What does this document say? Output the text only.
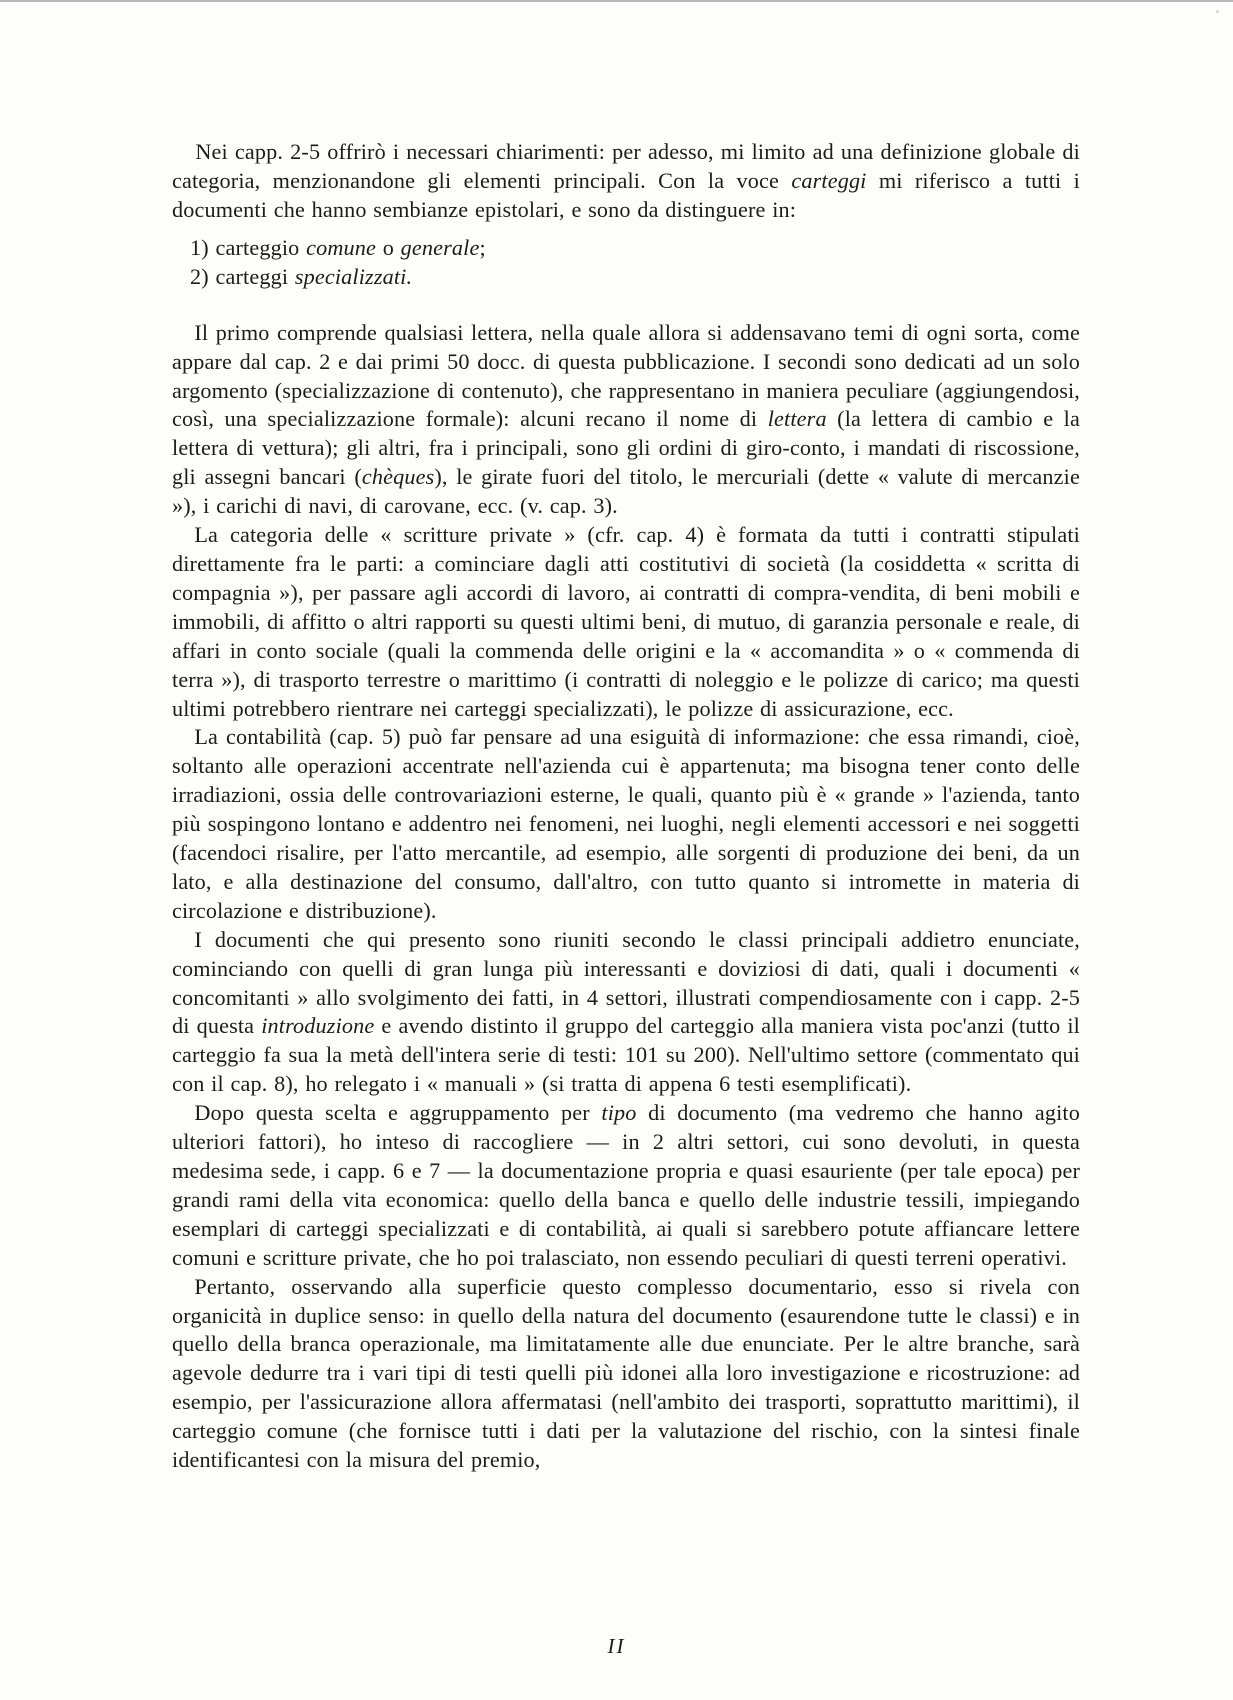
 Nei capp. 2-5 offrirò i necessari chiarimenti: per adesso, mi limito ad una definizione globale di categoria, menzionandone gli elementi principali. Con la voce carteggi mi riferisco a tutti i documenti che hanno sembianze epistolari, e sono da distinguere in:

1) carteggio comune o generale;
2) carteggi specializzati.

 Il primo comprende qualsiasi lettera, nella quale allora si addensavano temi di ogni sorta, come appare dal cap. 2 e dai primi 50 docc. di questa pubblicazione. I secondi sono dedicati ad un solo argomento (specializzazione di contenuto), che rappresentano in maniera peculiare (aggiungendosi, così, una specializzazione formale): alcuni recano il nome di lettera (la lettera di cambio e la lettera di vettura); gli altri, fra i principali, sono gli ordini di giro-conto, i mandati di riscossione, gli assegni bancari (chèques), le girate fuori del titolo, le mercuriali (dette « valute di mercanzie »), i carichi di navi, di carovane, ecc. (v. cap. 3).

 La categoria delle « scritture private » (cfr. cap. 4) è formata da tutti i contratti stipulati direttamente fra le parti: a cominciare dagli atti costitutivi di società (la cosiddetta « scritta di compagnia »), per passare agli accordi di lavoro, ai contratti di compra-vendita, di beni mobili e immobili, di affitto o altri rapporti su questi ultimi beni, di mutuo, di garanzia personale e reale, di affari in conto sociale (quali la commenda delle origini e la « accomandita » o « commenda di terra »), di trasporto terrestre o marittimo (i contratti di noleggio e le polizze di carico; ma questi ultimi potrebbero rientrare nei carteggi specializzati), le polizze di assicurazione, ecc.

 La contabilità (cap. 5) può far pensare ad una esiguità di informazione: che essa rimandi, cioè, soltanto alle operazioni accentrate nell'azienda cui è appartenuta; ma bisogna tener conto delle irradiazioni, ossia delle controvariazioni esterne, le quali, quanto più è « grande » l'azienda, tanto più sospingono lontano e addentro nei fenomeni, nei luoghi, negli elementi accessori e nei soggetti (facendoci risalire, per l'atto mercantile, ad esempio, alle sorgenti di produzione dei beni, da un lato, e alla destinazione del consumo, dall'altro, con tutto quanto si intromette in materia di circolazione e distribuzione).

 I documenti che qui presento sono riuniti secondo le classi principali addietro enunciate, cominciando con quelli di gran lunga più interessanti e doviziosi di dati, quali i documenti « concomitanti » allo svolgimento dei fatti, in 4 settori, illustrati compendiosamente con i capp. 2-5 di questa introduzione e avendo distinto il gruppo del carteggio alla maniera vista poc'anzi (tutto il carteggio fa sua la metà dell'intera serie di testi: 101 su 200). Nell'ultimo settore (commentato qui con il cap. 8), ho relegato i « manuali » (si tratta di appena 6 testi esemplificati).

 Dopo questa scelta e aggruppamento per tipo di documento (ma vedremo che hanno agito ulteriori fattori), ho inteso di raccogliere — in 2 altri settori, cui sono devoluti, in questa medesima sede, i capp. 6 e 7 — la documentazione propria e quasi esauriente (per tale epoca) per grandi rami della vita economica: quello della banca e quello delle industrie tessili, impiegando esemplari di carteggi specializzati e di contabilità, ai quali si sarebbero potute affiancare lettere comuni e scritture private, che ho poi tralasciato, non essendo peculiari di questi terreni operativi.

 Pertanto, osservando alla superficie questo complesso documentario, esso si rivela con organicità in duplice senso: in quello della natura del documento (esaurendone tutte le classi) e in quello della branca operazionale, ma limitatamente alle due enunciate. Per le altre branche, sarà agevole dedurre tra i vari tipi di testi quelli più idonei alla loro investigazione e ricostruzione: ad esempio, per l'assicurazione allora affermatasi (nell'ambito dei trasporti, soprattutto marittimi), il carteggio comune (che fornisce tutti i dati per la valutazione del rischio, con la sintesi finale identificantesi con la misura del premio,

II
